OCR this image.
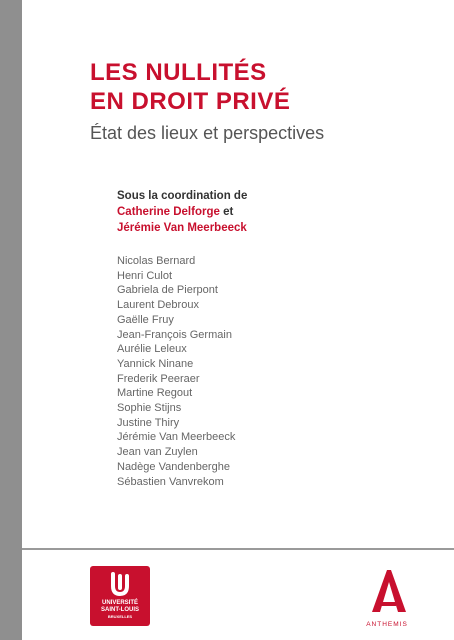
LES NULLITÉS
EN DROIT PRIVÉ

État des lieux et perspectives

Sous la coordination de
Catherine Delforge et
Jérémie Van Meerbeeck
Nicolas Bernard
Henri Culot
Gabriela de Pierpont
Laurent Debroux
Gaëlle Fruy
Jean-François Germain
Aurélie Leleux
Yannick Ninane
Frederik Peeraer
Martine Regout
Sophie Stijns
Justine Thiry
Jérémie Van Meerbeeck
Jean van Zuylen
Nadège Vandenberghe
Sébastien Vanvrekom
UNIVERSITÉ
SAINT-LOUIS
BRUXELLES
ANTHEMIS
